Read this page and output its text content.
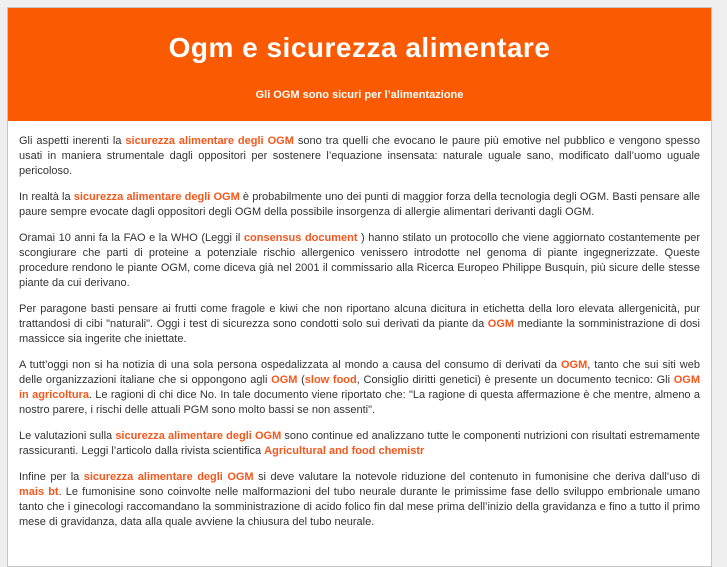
Ogm e sicurezza alimentare
Gli OGM sono sicuri per l’alimentazione

Gli aspetti inerenti la sicurezza alimentare degli OGM sono tra quelli che evocano le paure più emotive nel pubblico e vengono spesso usati in maniera strumentale dagli oppositori per sostenere l’equazione insensata: naturale uguale sano, modificato dall’uomo uguale pericoloso.

In realtà la sicurezza alimentare degli OGM è probabilmente uno dei punti di maggior forza della tecnologia degli OGM. Basti pensare alle paure sempre evocate dagli oppositori degli OGM della possibile insorgenza di allergie alimentari derivanti dagli OGM.

Oramai 10 anni fa la FAO e la WHO (Leggi il consensus document ) hanno stilato un protocollo che viene aggiornato costantemente per scongiurare che parti di proteine a potenziale rischio allergenico venissero introdotte nel genoma di piante ingegnerizzate. Queste procedure rendono le piante OGM, come diceva già nel 2001 il commissario alla Ricerca Europeo Philippe Busquin, più sicure delle stesse piante da cui derivano.

Per paragone basti pensare ai frutti come fragole e kiwi che non riportano alcuna dicitura in etichetta della loro elevata allergenicità, pur trattandosi di cibi "naturali". Oggi i test di sicurezza sono condotti solo sui derivati da piante da OGM mediante la somministrazione di dosi massicce sia ingerite che iniettate.

A tutt’oggi non si ha notizia di una sola persona ospedalizzata al mondo a causa del consumo di derivati da OGM, tanto che sui siti web delle organizzazioni italiane che si oppongono agli OGM (slow food, Consiglio diritti genetici) è presente un documento tecnico: Gli OGM in agricoltura. Le ragioni di chi dice No. In tale documento viene riportato che: "La ragione di questa affermazione è che mentre, almeno a nostro parere, i rischi delle attuali PGM sono molto bassi se non assenti".

Le valutazioni sulla sicurezza alimentare degli OGM sono continue ed analizzano tutte le componenti nutrizioni con risultati estremamente rassicuranti. Leggi l’articolo dalla rivista scientifica Agricultural and food chemistr

Infine per la sicurezza alimentare degli OGM si deve valutare la notevole riduzione del contenuto in fumonisine che deriva dall’uso di mais bt. Le fumonisine sono coinvolte nelle malformazioni del tubo neurale durante le primissime fase dello sviluppo embrionale umano tanto che i ginecologi raccomandano la somministrazione di acido folico fin dal mese prima dell’inizio della gravidanza e fino a tutto il primo mese di gravidanza, data alla quale avviene la chiusura del tubo neurale.
